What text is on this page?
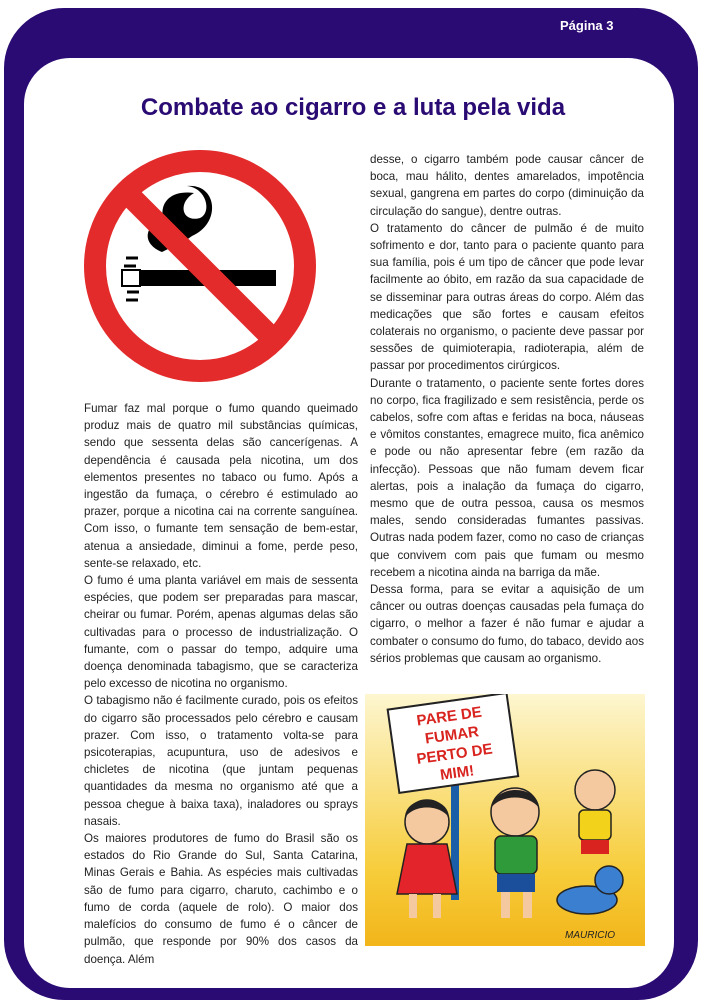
Página 3
Combate ao cigarro e a luta pela vida

Fumar faz mal porque o fumo quando queimado produz mais de quatro mil substâncias químicas, sendo que sessenta delas são cancerígenas. A dependência é causada pela nicotina, um dos elementos presentes no tabaco ou fumo. Após a ingestão da fumaça, o cérebro é estimulado ao prazer, porque a nicotina cai na corrente sanguínea. Com isso, o fumante tem sensação de bem-estar, atenua a ansiedade, diminui a fome, perde peso, sente-se relaxado, etc.

O fumo é uma planta variável em mais de sessenta espécies, que podem ser preparadas para mascar, cheirar ou fumar. Porém, apenas algumas delas são cultivadas para o processo de industrialização. O fumante, com o passar do tempo, adquire uma doença denominada tabagismo, que se caracteriza pelo excesso de nicotina no organismo.

O tabagismo não é facilmente curado, pois os efeitos do cigarro são processados pelo cérebro e causam prazer. Com isso, o tratamento volta-se para psicoterapias, acupuntura, uso de adesivos e chicletes de nicotina (que juntam pequenas quantidades da mesma no organismo até que a pessoa chegue à baixa taxa), inaladores ou sprays nasais.

Os maiores produtores de fumo do Brasil são os estados do Rio Grande do Sul, Santa Catarina, Minas Gerais e Bahia. As espécies mais cultivadas são de fumo para cigarro, charuto, cachimbo e o fumo de corda (aquele de rolo). O maior dos malefícios do consumo de fumo é o câncer de pulmão, que responde por 90% dos casos da doença. Além

desse, o cigarro também pode causar câncer de boca, mau hálito, dentes amarelados, impotência sexual, gangrena em partes do corpo (diminuição da circulação do sangue), dentre outras.

O tratamento do câncer de pulmão é de muito sofrimento e dor, tanto para o paciente quanto para sua família, pois é um tipo de câncer que pode levar facilmente ao óbito, em razão da sua capacidade de se disseminar para outras áreas do corpo. Além das medicações que são fortes e causam efeitos colaterais no organismo, o paciente deve passar por sessões de quimioterapia, radioterapia, além de passar por procedimentos cirúrgicos.

Durante o tratamento, o paciente sente fortes dores no corpo, fica fragilizado e sem resistência, perde os cabelos, sofre com aftas e feridas na boca, náuseas e vômitos constantes, emagrece muito, fica anêmico e pode ou não apresentar febre (em razão da infecção). Pessoas que não fumam devem ficar alertas, pois a inalação da fumaça do cigarro, mesmo que de outra pessoa, causa os mesmos males, sendo consideradas fumantes passivas. Outras nada podem fazer, como no caso de crianças que convivem com pais que fumam ou mesmo recebem a nicotina ainda na barriga da mãe.

Dessa forma, para se evitar a aquisição de um câncer ou outras doenças causadas pela fumaça do cigarro, o melhor a fazer é não fumar e ajudar a combater o consumo do fumo, do tabaco, devido aos sérios problemas que causam ao organismo.

PARE DE
FUMAR
PERTO DE
MIM!
MAURICIO
